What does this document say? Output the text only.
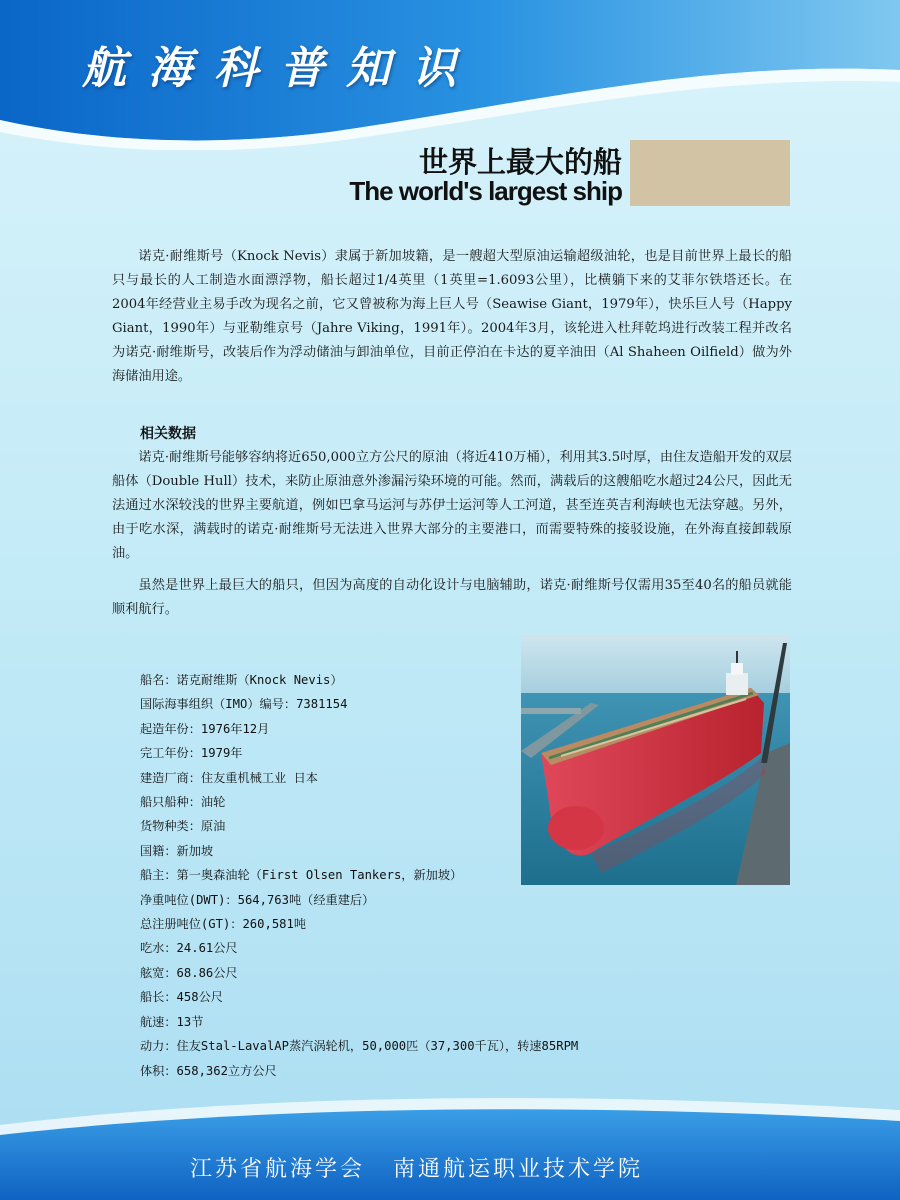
航海科普知识
世界上最大的船
The world's largest ship

诺克·耐维斯号（Knock Nevis）隶属于新加坡籍，是一艘超大型原油运输超级油轮，也是目前世界上最长的船只与最长的人工制造水面漂浮物，船长超过1/4英里（1英里=1.6093公里），比横躺下来的艾菲尔铁塔还长。在2004年经营业主易手改为现名之前，它又曾被称为海上巨人号（Seawise Giant，1979年），快乐巨人号（Happy Giant，1990年）与亚勒维京号（Jahre Viking，1991年）。2004年3月，该轮进入杜拜乾坞进行改装工程并改名为诺克·耐维斯号，改装后作为浮动储油与卸油单位，目前正停泊在卡达的夏辛油田（Al Shaheen Oilfield）做为外海储油用途。

相关数据

诺克·耐维斯号能够容纳将近650,000立方公尺的原油（将近410万桶），利用其3.5吋厚，由住友造船开发的双层船体（Double Hull）技术，来防止原油意外渗漏污染环境的可能。然而，满载后的这艘船吃水超过24公尺，因此无法通过水深较浅的世界主要航道，例如巴拿马运河与苏伊士运河等人工河道，甚至连英吉利海峡也无法穿越。另外，由于吃水深，满载时的诺克·耐维斯号无法进入世界大部分的主要港口，而需要特殊的接驳设施，在外海直接卸载原油。

虽然是世界上最巨大的船只，但因为高度的自动化设计与电脑辅助，诺克·耐维斯号仅需用35至40名的船员就能顺利航行。

船名：诺克耐维斯（Knock Nevis）
国际海事组织（IMO）编号：7381154
起造年份：1976年12月
完工年份：1979年
建造厂商：住友重机械工业 日本
船只船种：油轮
货物种类：原油
国籍：新加坡
船主：第一奥森油轮（First Olsen Tankers，新加坡）
净重吨位(DWT)：564,763吨（经重建后）
总注册吨位(GT)：260,581吨
吃水：24.61公尺
舷宽：68.86公尺
船长：458公尺
航速：13节
动力：住友Stal-LavalAP蒸汽涡轮机，50,000匹（37,300千瓦），转速85RPM
体积：658,362立方公尺

江苏省航海学会 南通航运职业技术学院
